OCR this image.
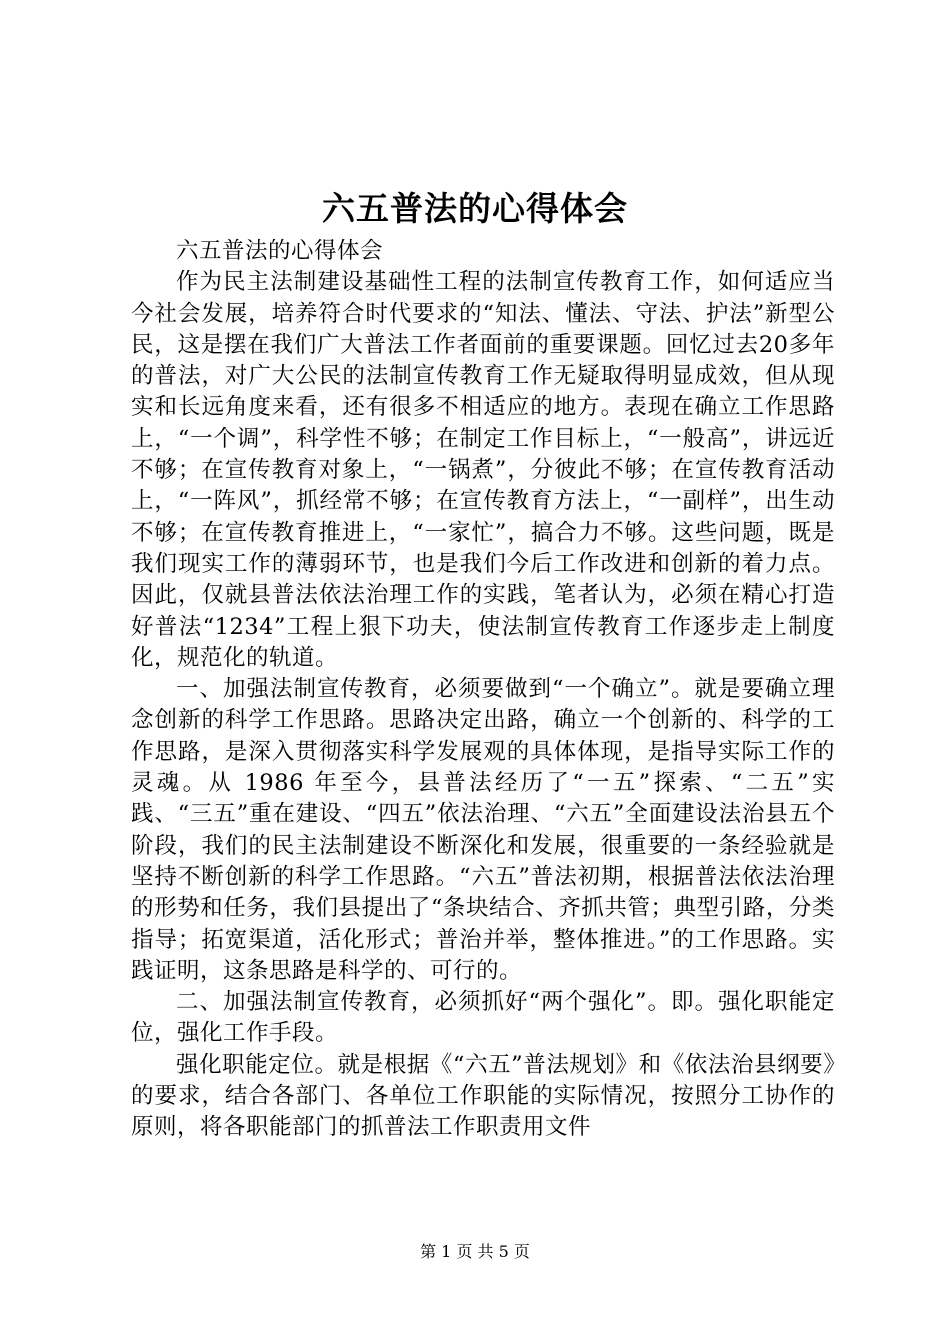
六五普法的心得体会

六五普法的心得体会

作为民主法制建设基础性工程的法制宣传教育工作，如何适应当今社会发展，培养符合时代要求的“知法、懂法、守法、护法”新型公民，这是摆在我们广大普法工作者面前的重要课题。回忆过去20多年的普法，对广大公民的法制宣传教育工作无疑取得明显成效，但从现实和长远角度来看，还有很多不相适应的地方。表现在确立工作思路上，“一个调”，科学性不够；在制定工作目标上，“一般高”，讲远近不够；在宣传教育对象上，“一锅煮”，分彼此不够；在宣传教育活动上，“一阵风”，抓经常不够；在宣传教育方法上，“一副样”，出生动不够；在宣传教育推进上，“一家忙”，搞合力不够。这些问题，既是我们现实工作的薄弱环节，也是我们今后工作改进和创新的着力点。因此，仅就县普法依法治理工作的实践，笔者认为，必须在精心打造好普法“1234”工程上狠下功夫，使法制宣传教育工作逐步走上制度化，规范化的轨道。

一、加强法制宣传教育，必须要做到“一个确立”。就是要确立理念创新的科学工作思路。思路决定出路，确立一个创新的、科学的工作思路，是深入贯彻落实科学发展观的具体体现，是指导实际工作的灵魂。从 1986 年至今，县普法经历了“一五”探索、“二五”实践、“三五”重在建设、“四五”依法治理、“六五”全面建设法治县五个阶段，我们的民主法制建设不断深化和发展，很重要的一条经验就是坚持不断创新的科学工作思路。“六五”普法初期，根据普法依法治理的形势和任务，我们县提出了“条块结合、齐抓共管；典型引路，分类指导；拓宽渠道，活化形式；普治并举，整体推进。”的工作思路。实践证明，这条思路是科学的、可行的。

二、加强法制宣传教育，必须抓好“两个强化”。即。强化职能定位，强化工作手段。

强化职能定位。就是根据《“六五”普法规划》和《依法治县纲要》的要求，结合各部门、各单位工作职能的实际情况，按照分工协作的原则，将各职能部门的抓普法工作职责用文件

第 1 页 共 5 页
